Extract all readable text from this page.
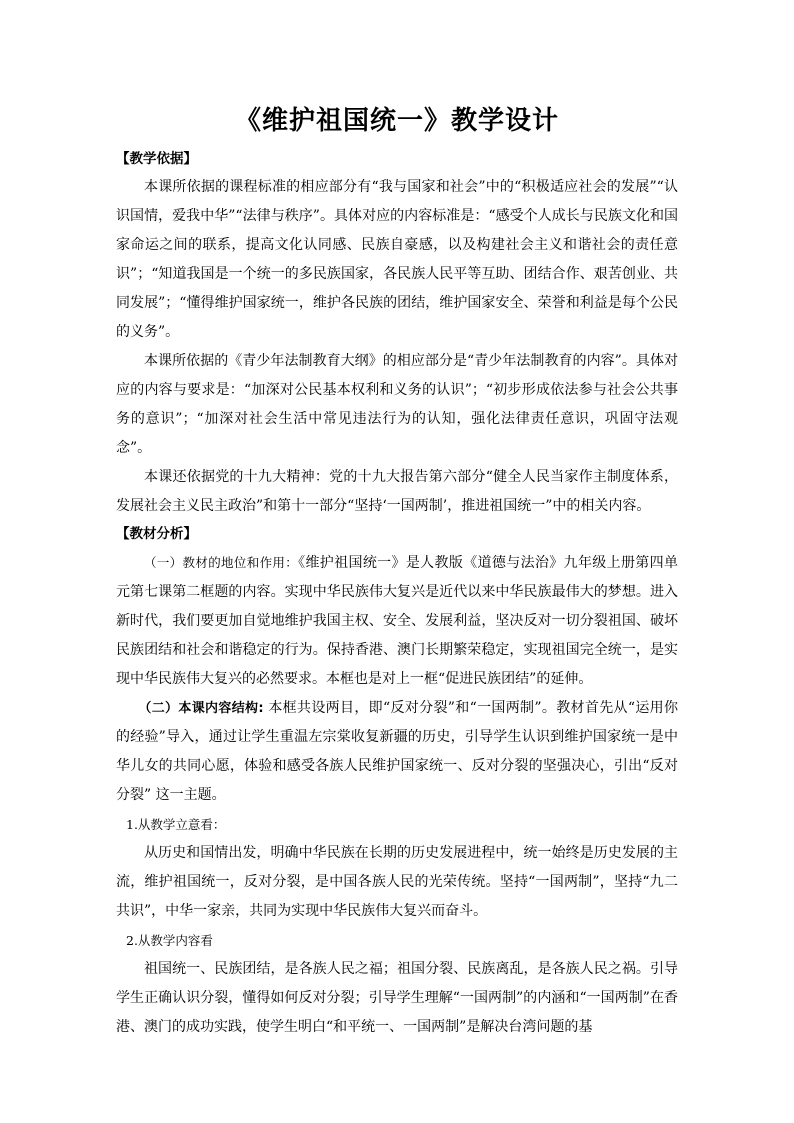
《维护祖国统一》教学设计

【教学依据】

本课所依据的课程标准的相应部分有“我与国家和社会”中的“积极适应社会的发展”“认识国情，爱我中华”“法律与秩序”。具体对应的内容标准是：“感受个人成长与民族文化和国家命运之间的联系，提高文化认同感、民族自豪感，以及构建社会主义和谐社会的责任意识”；“知道我国是一个统一的多民族国家，各民族人民平等互助、团结合作、艰苦创业、共同发展”；“懂得维护国家统一，维护各民族的团结，维护国家安全、荣誉和利益是每个公民的义务”。

本课所依据的《青少年法制教育大纲》的相应部分是“青少年法制教育的内容”。具体对应的内容与要求是：“加深对公民基本权利和义务的认识”；“初步形成依法参与社会公共事务的意识”；“加深对社会生活中常见违法行为的认知，强化法律责任意识，巩固守法观念”。

本课还依据党的十九大精神：党的十九大报告第六部分“健全人民当家作主制度体系，发展社会主义民主政治”和第十一部分“坚持‘一国两制’，推进祖国统一”中的相关内容。

【教材分析】

（一）教材的地位和作用：《维护祖国统一》是人教版《道德与法治》九年级上册第四单元第七课第二框题的内容。实现中华民族伟大复兴是近代以来中华民族最伟大的梦想。进入新时代，我们要更加自觉地维护我国主权、安全、发展利益，坚决反对一切分裂祖国、破坏民族团结和社会和谐稳定的行为。保持香港、澳门长期繁荣稳定，实现祖国完全统一，是实现中华民族伟大复兴的必然要求。本框也是对上一框“促进民族团结”的延伸。

（二）本课内容结构: 本框共设两目，即“反对分裂”和“一国两制”。教材首先从“运用你的经验”导入，通过让学生重温左宗棠收复新疆的历史，引导学生认识到维护国家统一是中华儿女的共同心愿，体验和感受各族人民维护国家统一、反对分裂的坚强决心，引出“反对分裂” 这一主题。

1.从教学立意看：

从历史和国情出发，明确中华民族在长期的历史发展进程中，统一始终是历史发展的主流，维护祖国统一，反对分裂，是中国各族人民的光荣传统。坚持“一国两制”，坚持“九二共识”，中华一家亲，共同为实现中华民族伟大复兴而奋斗。

2.从教学内容看

祖国统一、民族团结，是各族人民之福；祖国分裂、民族离乱，是各族人民之祸。引导学生正确认识分裂，懂得如何反对分裂；引导学生理解“一国两制”的内涵和“一国两制”在香港、澳门的成功实践，使学生明白“和平统一、一国两制”是解决台湾问题的基
